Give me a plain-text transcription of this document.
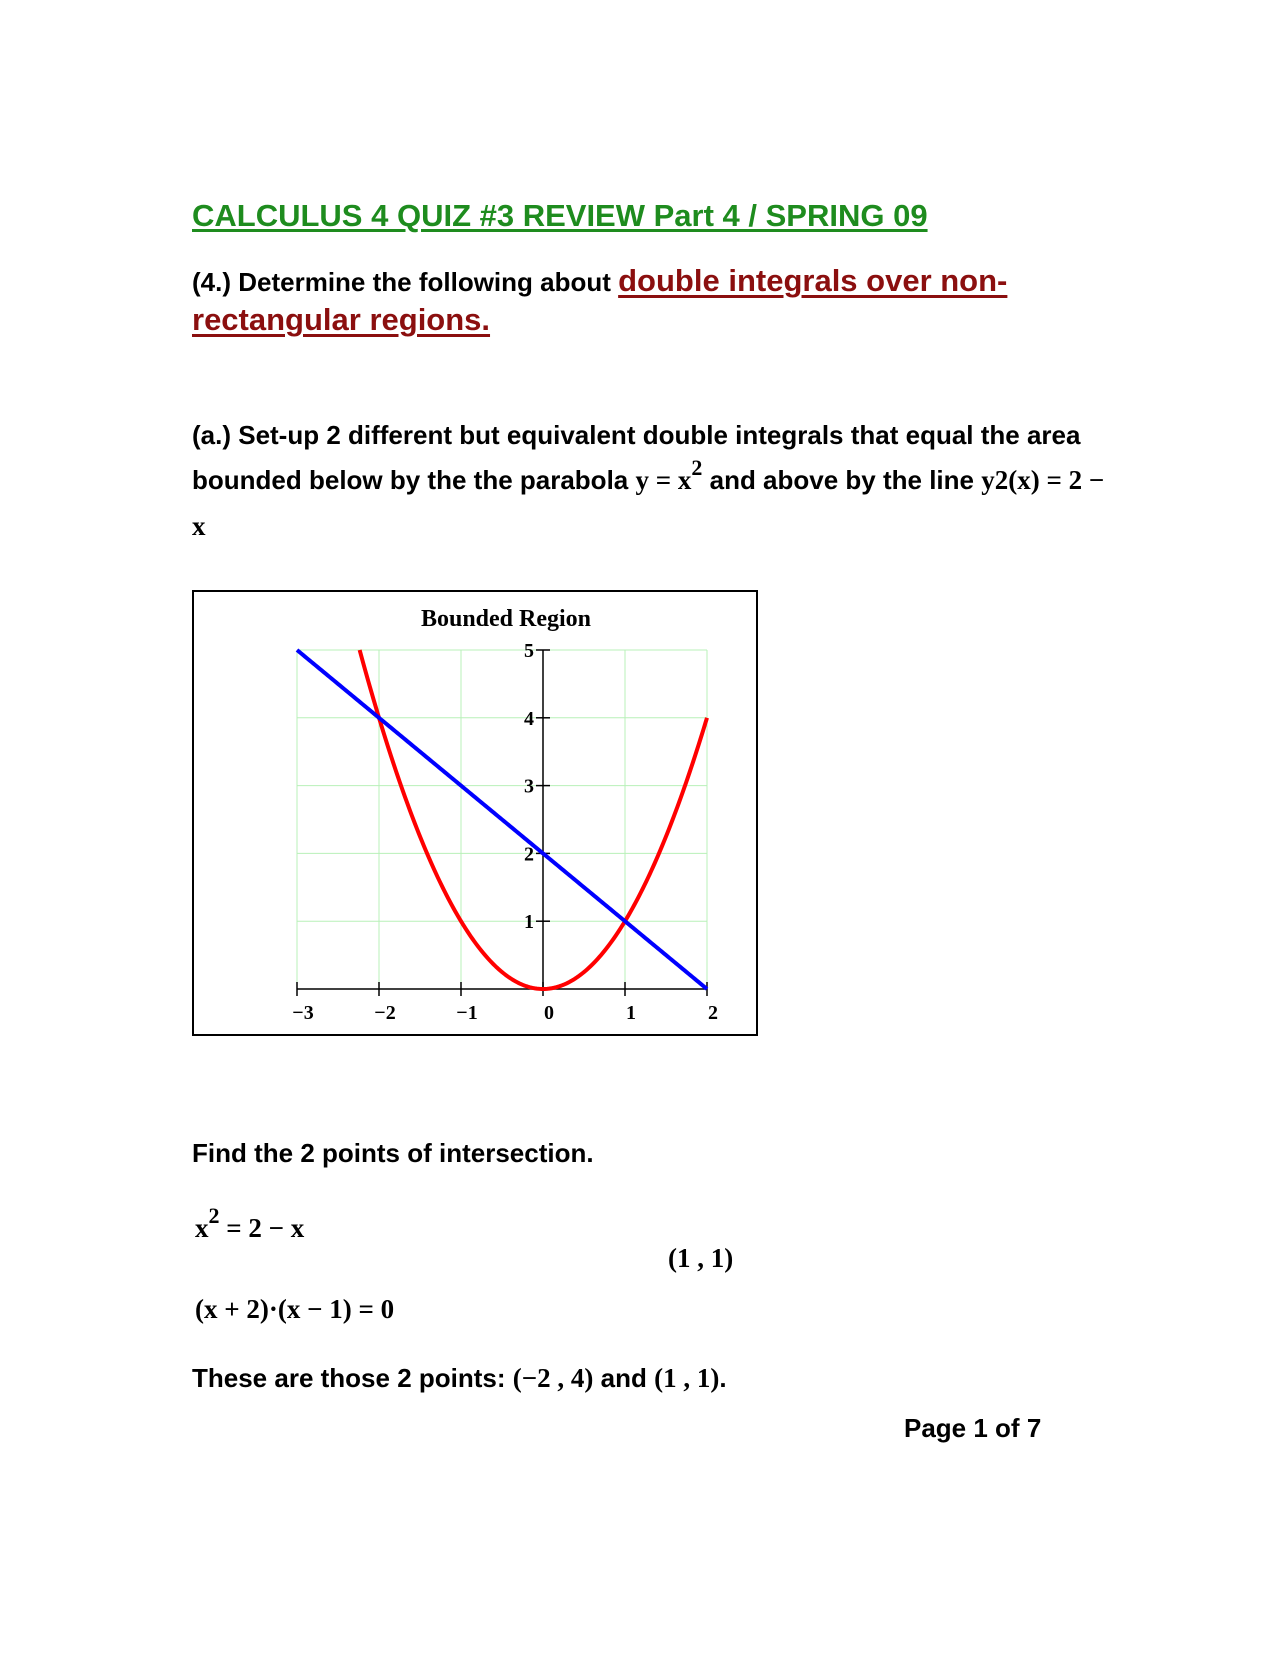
CALCULUS 4 QUIZ #3 REVIEW Part 4 / SPRING 09
(4.) Determine the following about double integrals over non-rectangular regions.
(a.) Set-up 2 different but equivalent double integrals that equal the area bounded below by the the parabola $y = x^2$ and above by the line y2(x) = 2 − x
Bounded Region
−3	−2	−1	0	1	2
1
2
3
4
5
Find the 2 points of intersection.
x2 = 2 − x
(1 , 1)
(x + 2)·(x − 1) = 0
These are those 2 points: (−2 , 4) and (1 , 1).
Page 1 of 7
